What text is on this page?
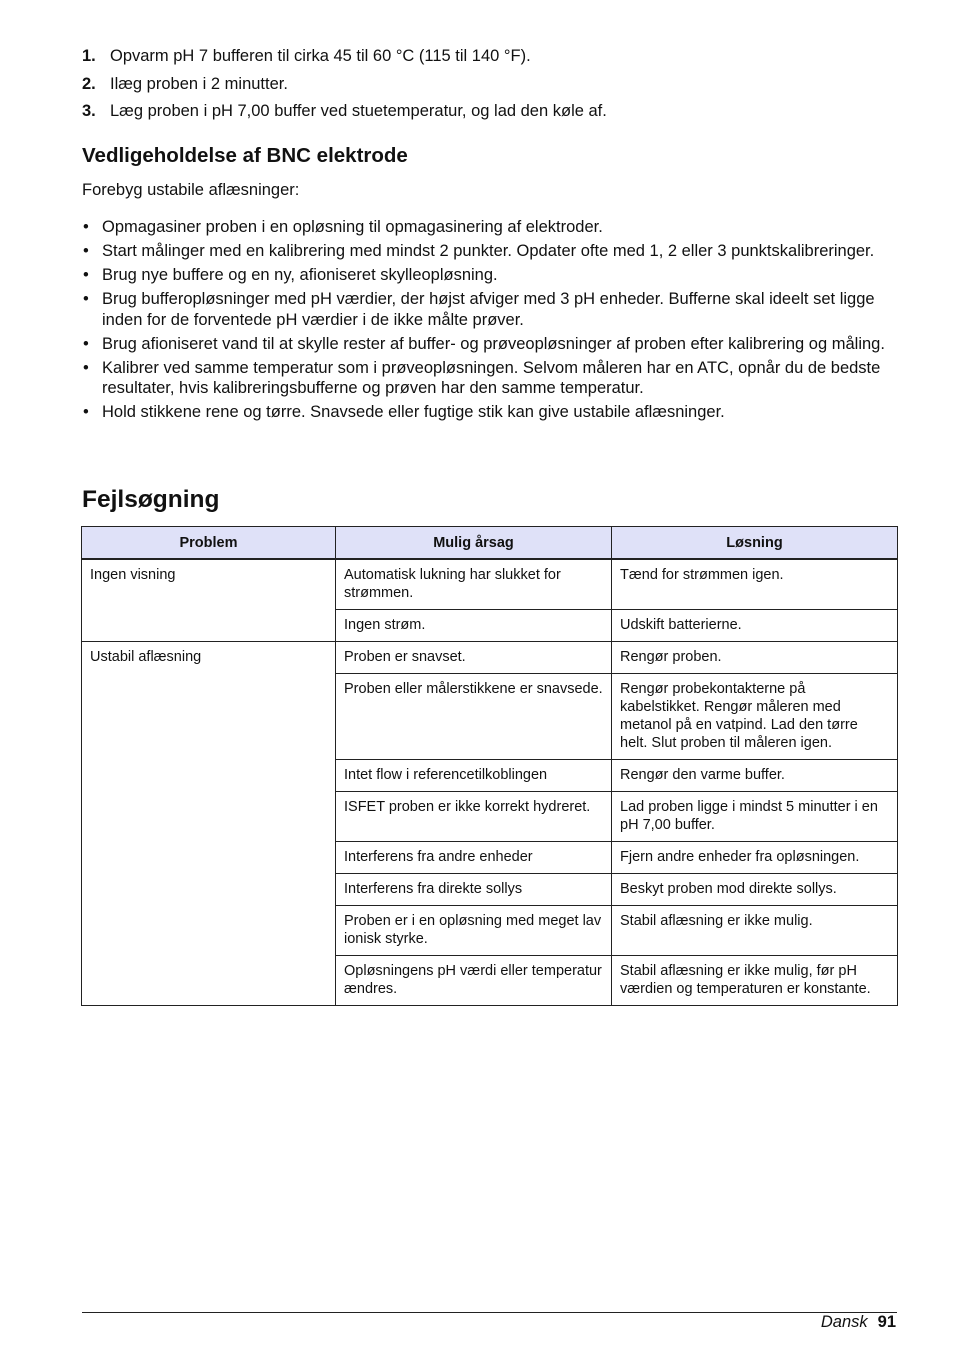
1. Opvarm pH 7 bufferen til cirka 45 til 60 °C (115 til 140 °F).
2. Ilæg proben i 2 minutter.
3. Læg proben i pH 7,00 buffer ved stuetemperatur, og lad den køle af.
Vedligeholdelse af BNC elektrode

Forebyg ustabile aflæsninger:

• Opmagasiner proben i en opløsning til opmagasinering af elektroder.
• Start målinger med en kalibrering med mindst 2 punkter. Opdater ofte med 1, 2 eller 3 punktskalibreringer.
• Brug nye buffere og en ny, afioniseret skylleopløsning.
• Brug bufferopløsninger med pH værdier, der højst afviger med 3 pH enheder. Bufferne skal ideelt set ligge inden for de forventede pH værdier i de ikke målte prøver.
• Brug afioniseret vand til at skylle rester af buffer- og prøveopløsninger af proben efter kalibrering og måling.
• Kalibrer ved samme temperatur som i prøveopløsningen. Selvom måleren har en ATC, opnår du de bedste resultater, hvis kalibreringsbufferne og prøven har den samme temperatur.
• Hold stikkene rene og tørre. Snavsede eller fugtige stik kan give ustabile aflæsninger.
Fejlsøgning
Problem	Mulig årsag	Løsning
Ingen visning	Automatisk lukning har slukket for strømmen.	Tænd for strømmen igen.
	Ingen strøm.	Udskift batterierne.
Ustabil aflæsning	Proben er snavset.	Rengør proben.
	Proben eller målerstikkene er snavsede.	Rengør probekontakterne på kabelstikket. Rengør måleren med metanol på en vatpind. Lad den tørre helt. Slut proben til måleren igen.
	Intet flow i referencetilkoblingen	Rengør den varme buffer.
	ISFET proben er ikke korrekt hydreret.	Lad proben ligge i mindst 5 minutter i en pH 7,00 buffer.
	Interferens fra andre enheder	Fjern andre enheder fra opløsningen.
	Interferens fra direkte sollys	Beskyt proben mod direkte sollys.
	Proben er i en opløsning med meget lav ionisk styrke.	Stabil aflæsning er ikke mulig.
	Opløsningens pH værdi eller temperatur ændres.	Stabil aflæsning er ikke mulig, før pH værdien og temperaturen er konstante.
Dansk 91
